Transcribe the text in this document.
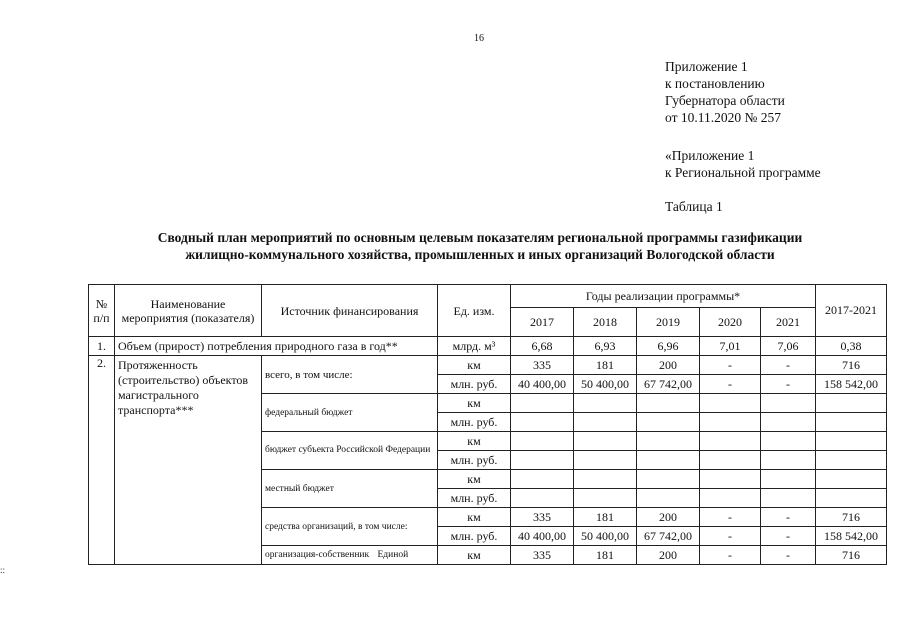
16
Приложение 1
к постановлению
Губернатора области
от 10.11.2020 № 257
«Приложение 1
к Региональной программе
Таблица 1
Сводный план мероприятий по основным целевым показателям региональной программы газификации
жилищно-коммунального хозяйства, промышленных и иных организаций Вологодской области
::
№ п/п	Наименование мероприятия (показателя)	Источник финансирования	Ед. изм.	Годы реализации программы*					2017-2021
				2017	2018	2019	2020	2021	
1.	Объем (прирост) потребления природного газа в год**		млрд. м³	6,68	6,93	6,96	7,01	7,06	0,38
2.	Протяженность (строительство) объектов магистрального транспорта***	всего, в том числе:	км	335	181	200	-	-	716
			млн. руб.	40 400,00	50 400,00	67 742,00	-	-	158 542,00
		федеральный бюджет	км						
			млн. руб.						
		бюджет субъекта Российской Федерации	км						
			млн. руб.						
		местный бюджет	км						
			млн. руб.						
		средства организаций, в том числе:	км	335	181	200	-	-	716
			млн. руб.	40 400,00	50 400,00	67 742,00	-	-	158 542,00
		организация-собственник Единой	км	335	181	200	-	-	716
